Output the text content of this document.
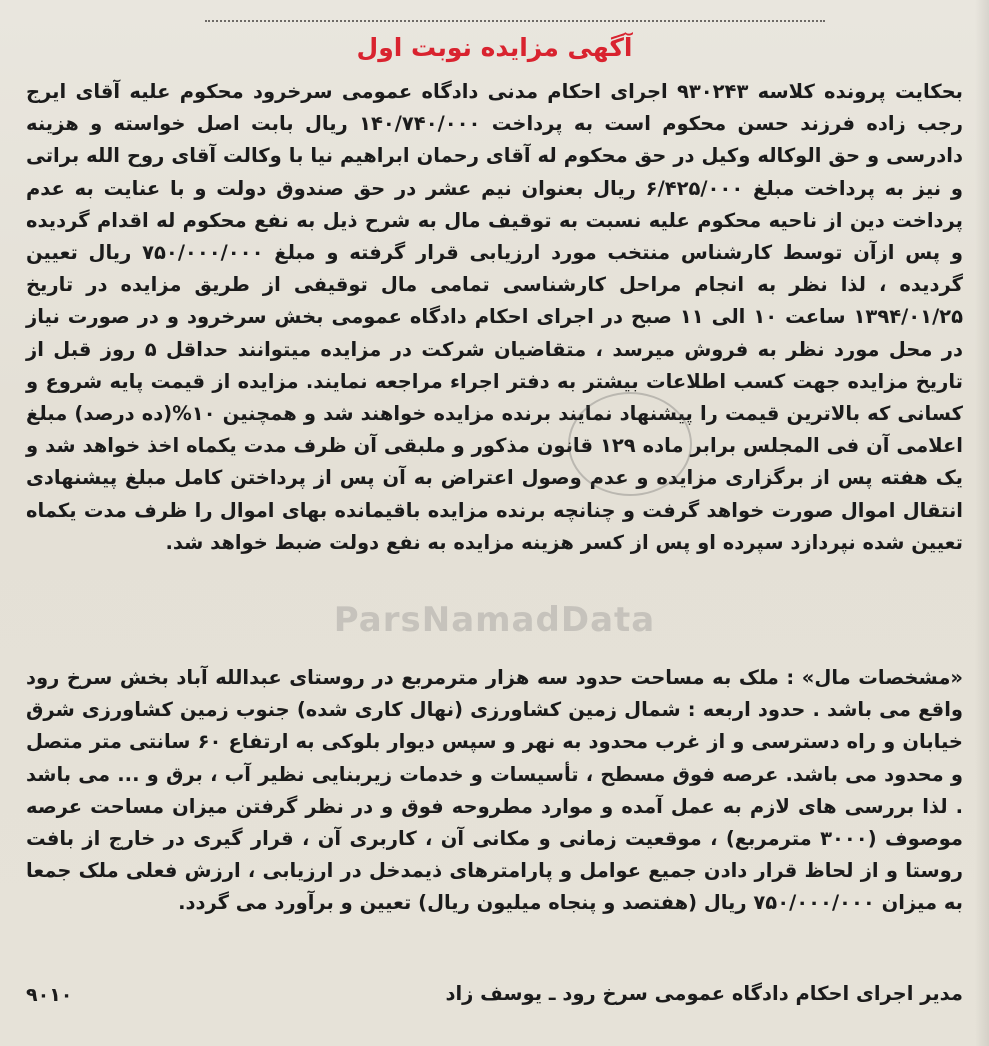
آگهی مزایده نوبت اول

بحکایت پرونده کلاسه ۹۳۰۲۴۳ اجرای احکام مدنی دادگاه عمومی سرخرود محکوم علیه آقای ایرج رجب زاده فرزند حسن محکوم است به پرداخت ۱۴۰/۷۴۰/۰۰۰ ریال بابت اصل خواسته و هزینه دادرسی و حق الوکاله وکیل در حق محکوم له آقای رحمان ابراهیم نیا با وکالت آقای روح الله براتی و نیز به پرداخت مبلغ ۶/۴۲۵/۰۰۰ ریال بعنوان نیم عشر در حق صندوق دولت و با عنایت به عدم پرداخت دین از ناحیه محکوم علیه نسبت به توقیف مال به شرح ذیل به نفع محکوم له اقدام گردیده و پس ازآن توسط کارشناس منتخب مورد ارزیابی قرار گرفته و مبلغ ۷۵۰/۰۰۰/۰۰۰ ریال تعیین گردیده ، لذا نظر به انجام مراحل کارشناسی تمامی مال توقیفی از طریق مزایده در تاریخ ۱۳۹۴/۰۱/۲۵ ساعت ۱۰ الی ۱۱ صبح در اجرای احکام دادگاه عمومی بخش سرخرود و در صورت نیاز در محل مورد نظر به فروش میرسد ، متقاضیان شرکت در مزایده میتوانند حداقل ۵ روز قبل از تاریخ مزایده جهت کسب اطلاعات بیشتر به دفتر اجراء مراجعه نمایند. مزایده از قیمت پایه شروع و کسانی که بالاترین قیمت را پیشنهاد نمایند برنده مزایده خواهند شد و همچنین ۱۰%(ده درصد) مبلغ اعلامی آن فی المجلس برابر ماده ۱۲۹ قانون مذکور و ملبقی آن ظرف مدت یکماه اخذ خواهد شد و یک هفته پس از برگزاری مزایده و عدم وصول اعتراض به آن پس از پرداختن کامل مبلغ پیشنهادی انتقال اموال صورت خواهد گرفت و چنانچه برنده مزایده باقیمانده بهای اموال را ظرف مدت یکماه تعیین شده نپردازد سپرده او پس از کسر هزینه مزایده به نفع دولت ضبط خواهد شد.

«مشخصات مال» : ملک به مساحت حدود سه هزار مترمربع در روستای عبدالله آباد بخش سرخ رود واقع می باشد . حدود اربعه : شمال زمین کشاورزی (نهال کاری شده) جنوب زمین کشاورزی شرق خیابان و راه دسترسی و از غرب محدود به نهر و سپس دیوار بلوکی به ارتفاع ۶۰ سانتی متر متصل و محدود می باشد. عرصه فوق مسطح ، تأسیسات و خدمات زیربنایی نظیر آب ، برق و ... می باشد . لذا بررسی های لازم به عمل آمده و موارد مطروحه فوق و در نظر گرفتن میزان مساحت عرصه موصوف (۳۰۰۰ مترمربع) ، موقعیت زمانی و مکانی آن ، کاربری آن ، قرار گیری در خارج از بافت روستا و از لحاظ قرار دادن جمیع عوامل و پارامترهای ذیمدخل در ارزیابی ، ارزش فعلی ملک جمعا به میزان ۷۵۰/۰۰۰/۰۰۰ ریال (هفتصد و پنجاه میلیون ریال) تعیین و برآورد می گردد.

مدیر اجرای احکام دادگاه عمومی سرخ رود ـ یوسف زاد
۹۰۱۰
ParsNamadData
